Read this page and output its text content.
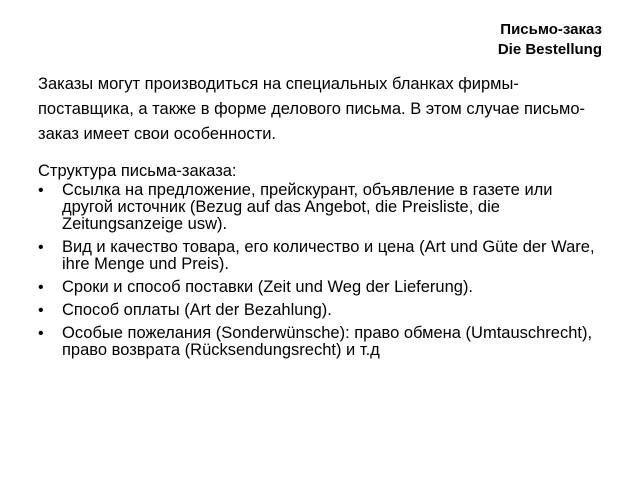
Письмо-заказ
Die Bestellung
Заказы могут производиться на специальных бланках фирмы-поставщика, а также в форме делового письма. В этом случае письмо-заказ имеет свои особенности.
Структура письма-заказа:
• Ссылка на предложение, прейскурант, объявление в газете или другой источник (Bezug auf das Angebot, die Preisliste, die Zeitungsanzeige usw).
• Вид и качество товара, его количество и цена (Art und Güte der Ware, ihre Menge und Preis).
• Сроки и способ поставки (Zeit und Weg der Lieferung).
• Способ оплаты (Art der Bezahlung).
• Особые пожелания (Sonderwünsche): право обмена (Umtauschrecht), право возврата (Rücksendungsrecht) и т.д
